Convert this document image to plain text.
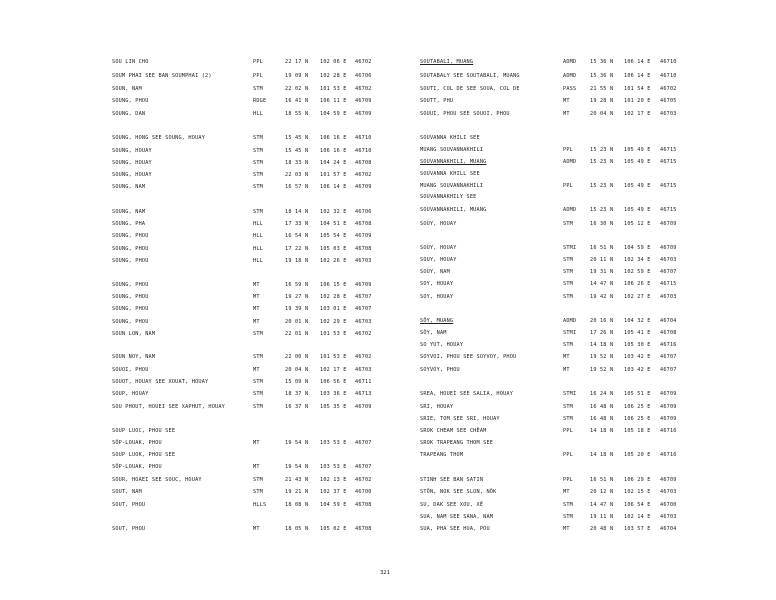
SOU LIN CHO	PPL	22 17 N 102 06 E 46702
SOUM PHAI SEE BAN SOUMPHAI (2)	PPL	19 09 N 102 28 E 46706
SOUN, NAM	STM	22 02 N 101 53 E 46702
SOUNG, PHOU	RDGE	16 41 N 106 11 E 46709
SOUNG, DAN	HLL	18 55 N 104 59 E 46709
SOUNG, HONG SEE SOUNG, HOUAY	STM	15 45 N 106 16 E 46710
SOUNG, HOUAY	STM	15 45 N 106 16 E 46710
SOUNG, HOUAY	STM	18 33 N 104 24 E 46708
SOUNG, HOUAY	STM	22 03 N 101 57 E 46702
SOUNG, NAM	STM	16 57 N 106 14 E 46709
SOUNG, NAM	STM	18 14 N 102 32 E 46706
SOUNG, PHA	HLL	17 33 N 104 51 E 46708
SOUNG, PHOU	HLL	16 54 N 105 54 E 46709
SOUNG, PHOU	HLL	17 22 N 105 03 E 46708
SOUNG, PHOU	HLL	19 18 N 102 26 E 46703
SOUNG, PHOU	MT	16 59 N 106 15 E 46709
SOUNG, PHOU	MT	19 27 N 102 28 E 46707
SOUNG, PHOU	MT	19 39 N 103 01 E 46707
SOUNG, PHOU	MT	20 01 N 102 29 E 46703
SOUN LON, NAM	STM	22 01 N 101 53 E 46702
SOUN NOY, NAM	STM	22 00 N 101 53 E 46702
SOUOI, PHOU	MT	20 04 N 102 17 E 46703
SOUOT, HOUAY SEE XOUAT, HOUAY	STM	15 09 N 106 56 E 46711
SOUP, HOUAY	STM	18 37 N 103 36 E 46713
SOU PHOUT, HOUEI SEE XAPHUT, HOUAY	STM	16 37 N 105 35 E 46709
SOUP LUOC, PHOU SEE
SÔP-LOUAK, PHOU	MT	19 54 N 103 53 E 46707
SOUP LUOK, PHOU SEE
SÔP-LOUAK, PHOU	MT	19 54 N 103 53 E 46707
SOUR, HOAEI SEE SOUC, HOUAY	STM	21 43 N 102 13 E 46702
SOUT, NAM	STM	19 21 N 102 37 E 46700
SOUT, PHOU	HLLS	18 08 N 104 59 E 46708
SOUT, PHOU	MT	18 05 N 105 02 E 46708
SOUTABALI, MUANG	ADMD	15 36 N 106 14 E 46710
SOUTABALY SEE SOUTABALI, MUANG	ADMD	15 36 N 106 14 E 46710
SOUTI, COL DE SEE SOUA, COL DE	PASS	21 55 N 101 54 E 46702
SOUTT, PHU	MT	19 28 N 101 20 E 46705
SOUUI, PHOU SEE SOUOI, PHOU	MT	20 04 N 102 17 E 46703
SOUVANNA KHILI SEE
MUANG SOUVANNAKHILI	PPL	15 23 N 105 49 E 46715
SOUVANNAKHILI, MUANG	ADMD	15 23 N 105 49 E 46715
SOUVANNA KHILL SEE
MUANG SOUVANNAKHILI	PPL	15 23 N 105 49 E 46715
SOUVANNAKHILY SEE
SOUVANNAKHILI, MUANG	ADMD	15 23 N 105 49 E 46715
SOUY, HOUAY	STM	16 30 N 105 12 E 46709
SOUY, HOUAY	STMI	16 51 N 104 59 E 46709
SOUY, HOUAY	STM	20 11 N 102 34 E 46703
SOUY, NAM	STM	19 31 N 102 59 E 46707
SOY, HOUAY	STM	14 47 N 106 26 E 46715
SOY, HOUAY	STM	19 42 N 102 27 E 46703
SÔY, MUANG	ADMD	20 16 N 104 32 E 46704
SÔY, NAM	STMI	17 26 N 105 41 E 46708
SO YUT, HOUAY	STM	14 18 N 105 30 E 46716
SOYVOI, PHOU SEE SOYVOY, PHOU	MT	19 52 N 103 42 E 46707
SOYVOY, PHOU	MT	19 52 N 103 42 E 46707
SREA, HOUEI SEE SALIA, HOUAY	STMI	16 24 N 105 51 E 46709
SRI, HOUAY	STM	16 48 N 106 25 E 46709
SRIE, TOM SEE SRI, HOUAY	STM	16 48 N 106 25 E 46709
SROK CHEAM SEE CHÊAM	PPL	14 18 N 105 18 E 46716
SROK TRAPEANG THOM SEE
TRAPEANG THOM	PPL	14 18 N 105 20 E 46716
STINH SEE BAN SATIN	PPL	16 51 N 106 29 E 46709
STÔN, NOK SEE SLON, NÔK	MT	20 12 N 102 15 E 46703
SU, DAK SEE XOU, XÊ	STM	14 47 N 106 54 E 46700
SUA, NAM SEE SANA, NAM	STM	19 11 N 102 14 E 46703
SUA, PHA SEE HUA, POU	MT	20 48 N 103 57 E 46704
321
